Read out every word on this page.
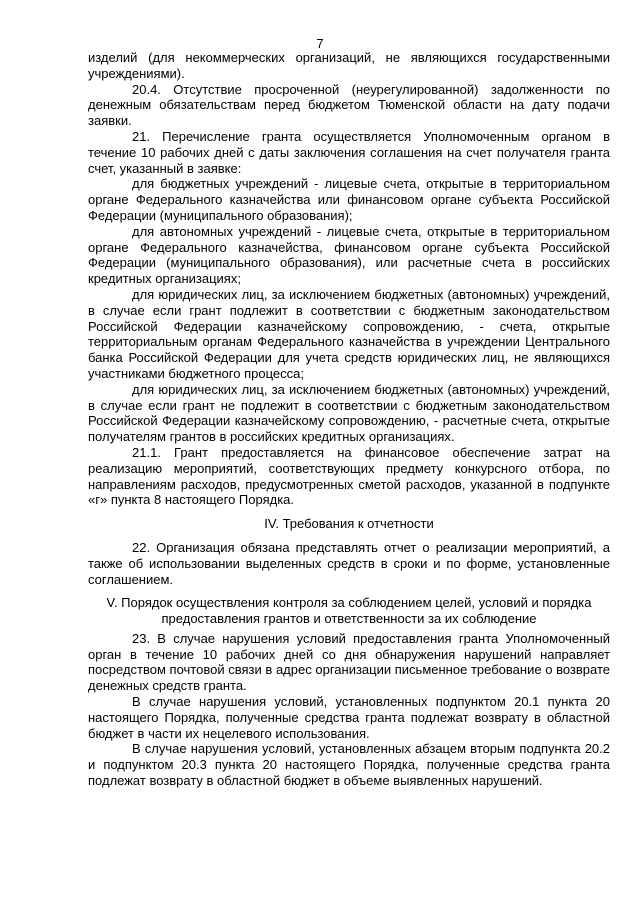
7

изделий (для некоммерческих организаций, не являющихся государственными учреждениями).

20.4. Отсутствие просроченной (неурегулированной) задолженности по денежным обязательствам перед бюджетом Тюменской области на дату подачи заявки.

21. Перечисление гранта осуществляется Уполномоченным органом в течение 10 рабочих дней с даты заключения соглашения на счет получателя гранта счет, указанный в заявке:

для бюджетных учреждений - лицевые счета, открытые в территориальном органе Федерального казначейства или финансовом органе субъекта Российской Федерации (муниципального образования);

для автономных учреждений - лицевые счета, открытые в территориальном органе Федерального казначейства, финансовом органе субъекта Российской Федерации (муниципального образования), или расчетные счета в российских кредитных организациях;

для юридических лиц, за исключением бюджетных (автономных) учреждений, в случае если грант подлежит в соответствии с бюджетным законодательством Российской Федерации казначейскому сопровождению, - счета, открытые территориальным органам Федерального казначейства в учреждении Центрального банка Российской Федерации для учета средств юридических лиц, не являющихся участниками бюджетного процесса;

для юридических лиц, за исключением бюджетных (автономных) учреждений, в случае если грант не подлежит в соответствии с бюджетным законодательством Российской Федерации казначейскому сопровождению, - расчетные счета, открытые получателям грантов в российских кредитных организациях.

21.1. Грант предоставляется на финансовое обеспечение затрат на реализацию мероприятий, соответствующих предмету конкурсного отбора, по направлениям расходов, предусмотренных сметой расходов, указанной в подпункте «г» пункта 8 настоящего Порядка.

IV. Требования к отчетности

22. Организация обязана представлять отчет о реализации мероприятий, а также об использовании выделенных средств в сроки и по форме, установленные соглашением.

V. Порядок осуществления контроля за соблюдением целей, условий и порядка предоставления грантов и ответственности за их соблюдение

23. В случае нарушения условий предоставления гранта Уполномоченный орган в течение 10 рабочих дней со дня обнаружения нарушений направляет посредством почтовой связи в адрес организации письменное требование о возврате денежных средств гранта.

В случае нарушения условий, установленных подпунктом 20.1 пункта 20 настоящего Порядка, полученные средства гранта подлежат возврату в областной бюджет в части их нецелевого использования.

В случае нарушения условий, установленных абзацем вторым подпункта 20.2 и подпунктом 20.3 пункта 20 настоящего Порядка, полученные средства гранта подлежат возврату в областной бюджет в объеме выявленных нарушений.
